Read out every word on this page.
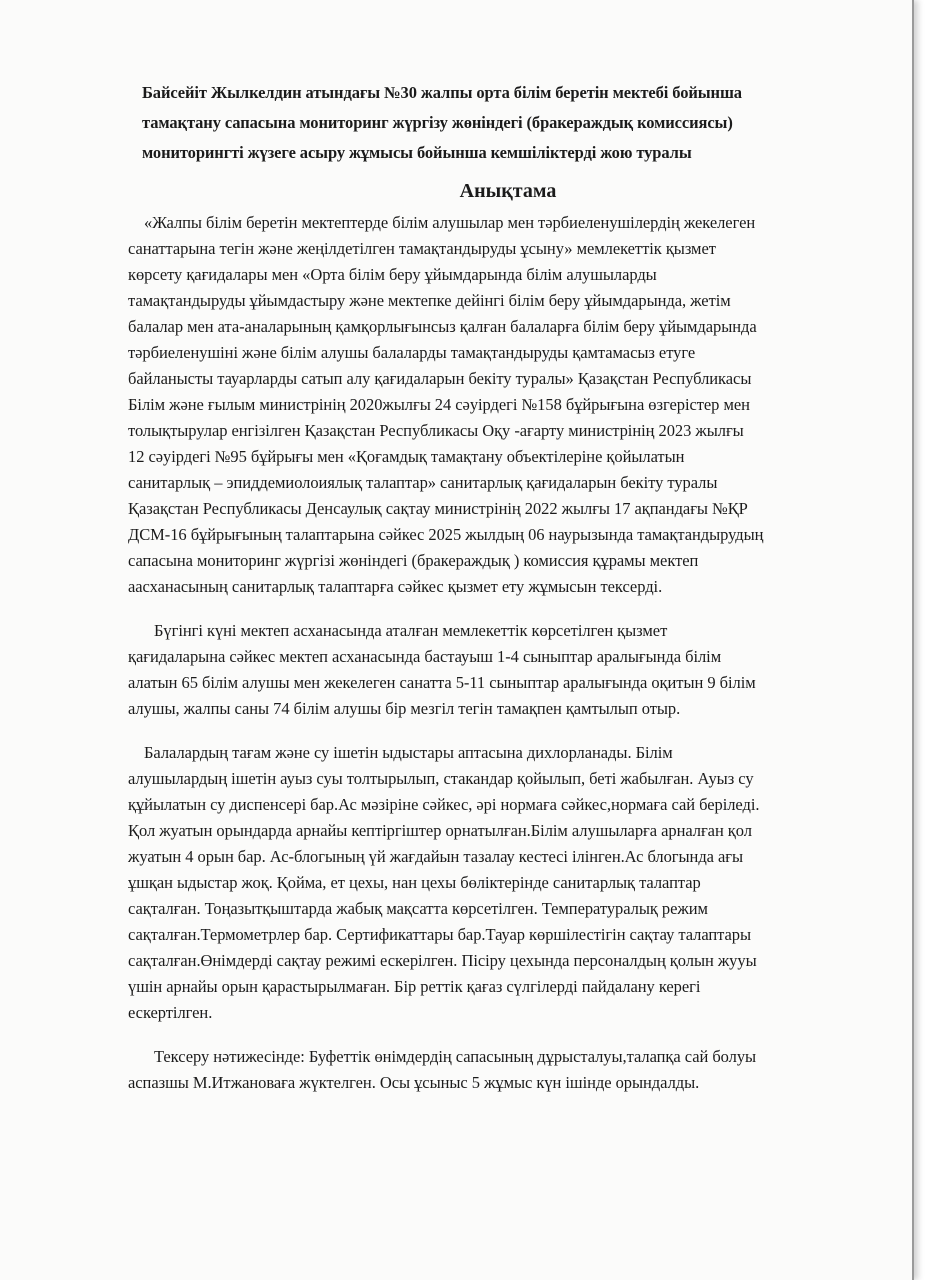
Байсейіт Жылкелдин атындағы №30 жалпы орта білім беретін мектебі бойынша
тамақтану сапасына мониторинг жүргізу жөніндегі (бракераждық комиссиясы)
мониторингті жүзеге асыру жұмысы бойынша кемшіліктерді жою туралы
Анықтама
«Жалпы білім беретін мектептерде білім алушылар мен тәрбиеленушілердің жекелеген
санаттарына тегін және жеңілдетілген тамақтандыруды ұсыну» мемлекеттік қызмет
көрсету қағидалары мен «Орта білім беру ұйымдарында білім алушыларды
тамақтандыруды ұйымдастыру және мектепке дейінгі білім беру ұйымдарында, жетім
балалар мен ата-аналарының қамқорлығынсыз қалған балаларға білім беру ұйымдарында
тәрбиеленушіні және білім алушы балаларды тамақтандыруды қамтамасыз етуге
байланысты тауарларды сатып алу қағидаларын бекіту туралы» Қазақстан Республикасы
Білім және ғылым министрінің 2020жылғы 24 сәуірдегі №158 бұйрығына өзгерістер мен
толықтырулар енгізілген Қазақстан Республикасы Оқу -ағарту министрінің 2023 жылғы
12 сәуірдегі №95 бұйрығы мен «Қоғамдық тамақтану объектілеріне қойылатын
санитарлық – эпиддемиолоиялық талаптар» санитарлық қағидаларын бекіту туралы
Қазақстан Республикасы Денсаулық сақтау министрінің 2022 жылғы 17 ақпандағы №ҚР
ДСМ-16 бұйрығының талаптарына сәйкес 2025 жылдың 06 наурызында тамақтандырудың
сапасына мониторинг жүргізі жөніндегі (бракераждық ) комиссия құрамы мектеп
аасханасының санитарлық талаптарға сәйкес қызмет ету жұмысын тексерді.
Бүгінгі күні мектеп асханасында аталған мемлекеттік көрсетілген қызмет
қағидаларына сәйкес мектеп асханасында бастауыш 1-4 сыныптар аралығында білім
алатын 65 білім алушы мен жекелеген санатта 5-11 сыныптар аралығында оқитын 9 білім
алушы, жалпы саны 74 білім алушы бір мезгіл тегін тамақпен қамтылып отыр.
Балалардың тағам және су ішетін ыдыстары аптасына дихлорланады. Білім
алушылардың ішетін ауыз суы толтырылып, стакандар қойылып, беті жабылған. Ауыз су
құйылатын су диспенсері бар.Ас мәзіріне сәйкес, әрі нормаға сәйкес,нормаға сай беріледі.
Қол жуатын орындарда арнайы кептіргіштер орнатылған.Білім алушыларға арналған қол
жуатын 4 орын бар. Ас-блогының үй жағдайын тазалау кестесі ілінген.Ас блогында ағы
ұшқан ыдыстар жоқ. Қойма, ет цехы, нан цехы бөліктерінде санитарлық талаптар
сақталған. Тоңазытқыштарда жабық мақсатта көрсетілген. Температуралық режим
сақталған.Термометрлер бар. Сертификаттары бар.Тауар көршілестігін сақтау талаптары
сақталған.Өнімдерді сақтау режимі ескерілген. Пісіру цехында персоналдың қолын жууы
үшін арнайы орын қарастырылмаған. Бір реттік қағаз сүлгілерді пайдалану керегі
ескертілген.
Тексеру нәтижесінде: Буфеттік өнімдердің сапасының дұрысталуы,талапқа сай болуы
аспазшы М.Итжановаға жүктелген. Осы ұсыныс 5 жұмыс күн ішінде орындалды.
